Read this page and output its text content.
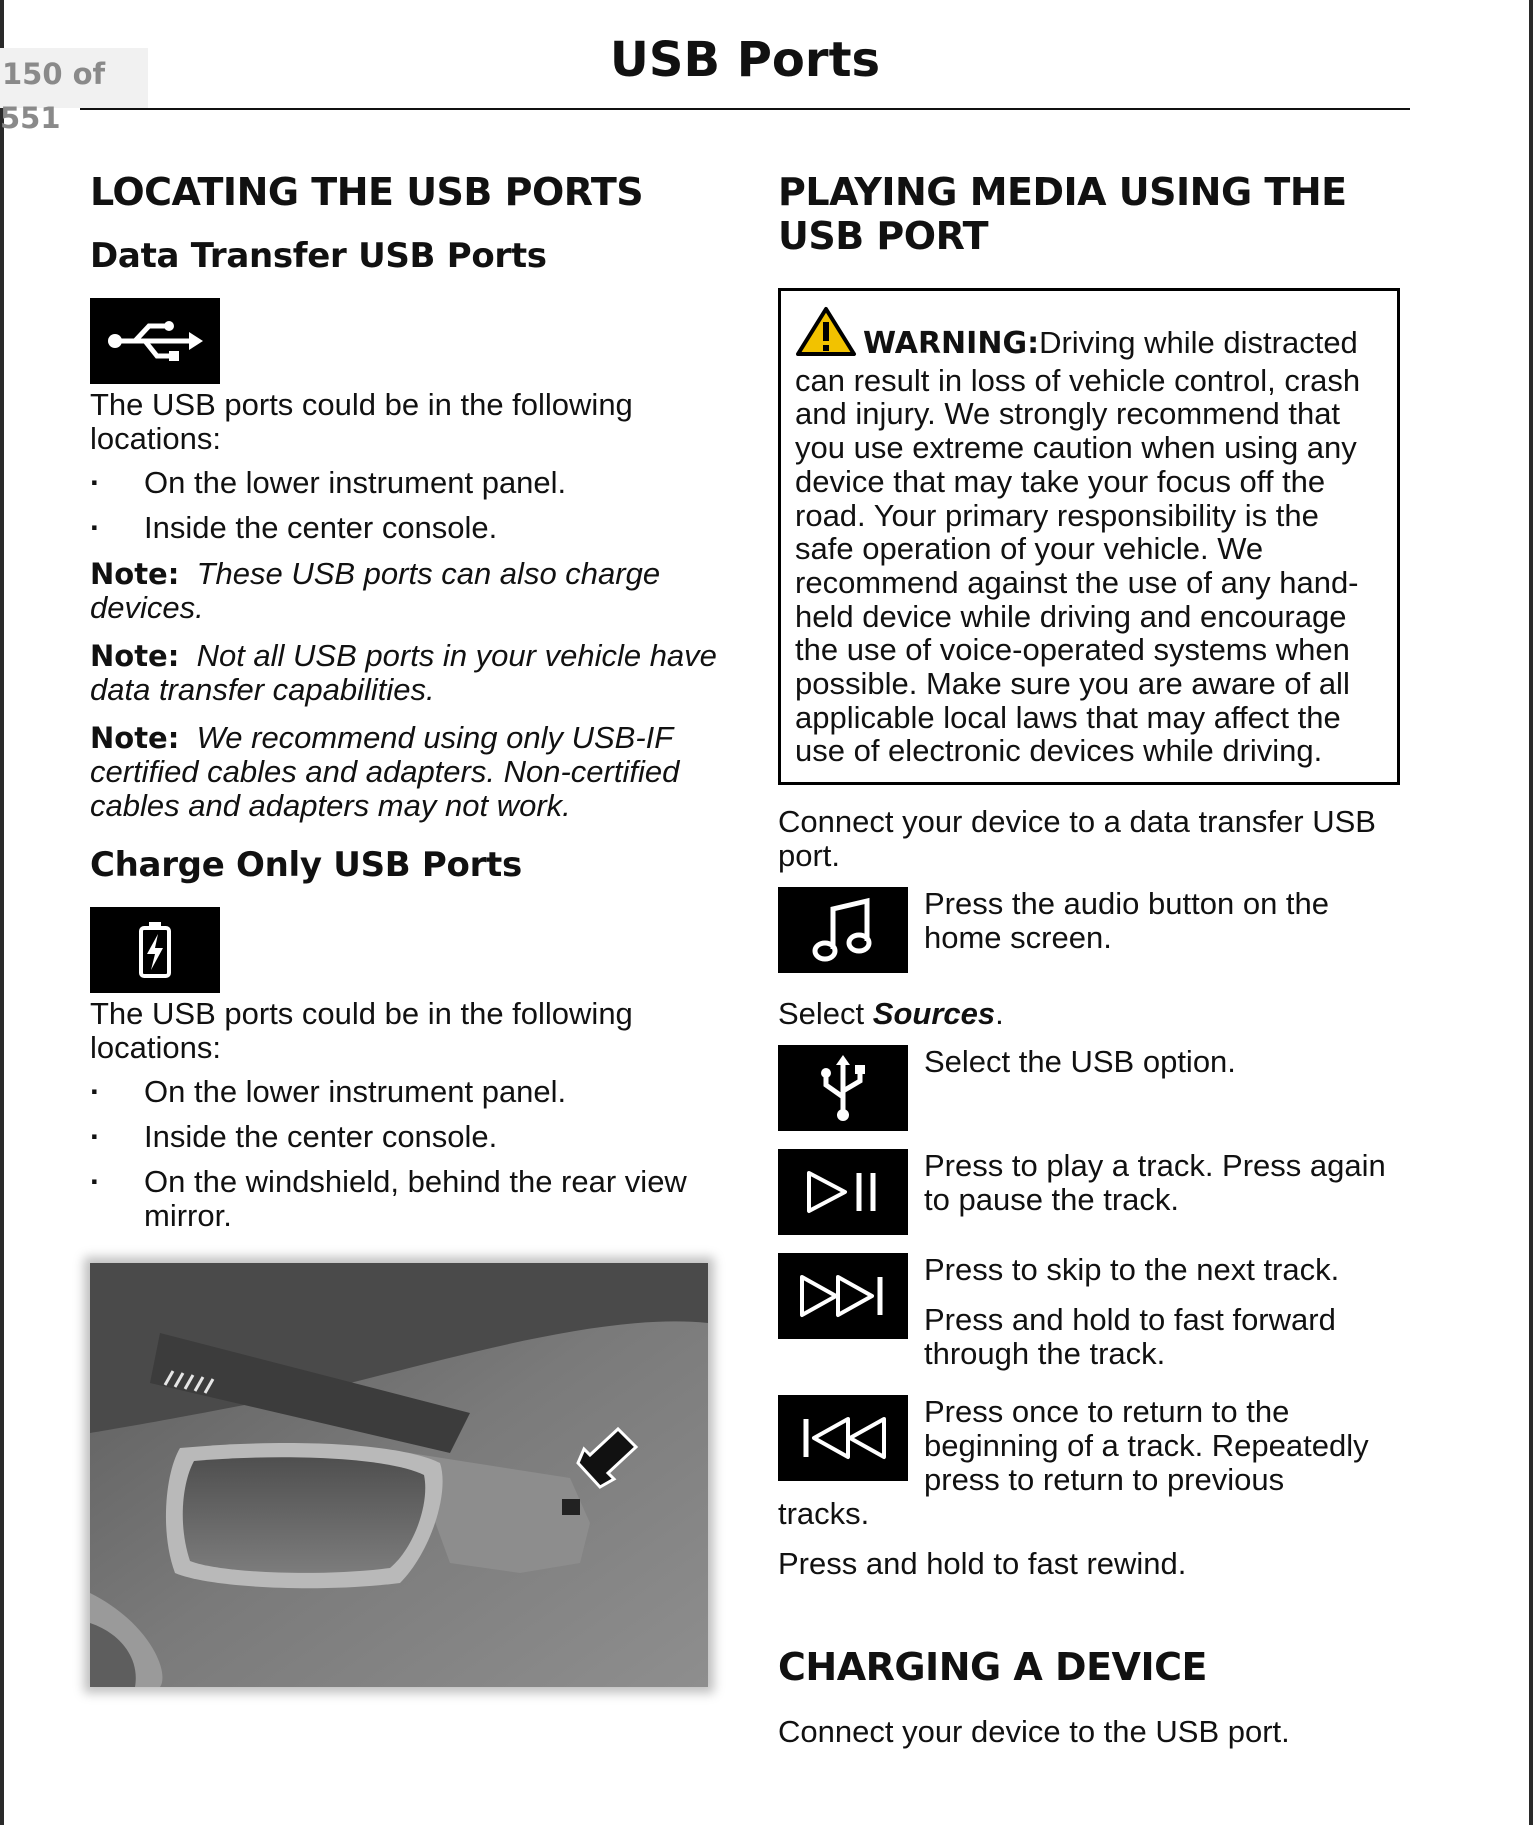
150 of 551
USB Ports
LOCATING THE USB PORTS
Data Transfer USB Ports

The USB ports could be in the following locations:

· On the lower instrument panel.
· Inside the center console.

Note: These USB ports can also charge devices.

Note: Not all USB ports in your vehicle have data transfer capabilities.

Note: We recommend using only USB-IF certified cables and adapters. Non-certified cables and adapters may not work.

Charge Only USB Ports

The USB ports could be in the following locations:

· On the lower instrument panel.
· Inside the center console.
· On the windshield, behind the rear view mirror.
PLAYING MEDIA USING THE USB PORT

WARNING:Driving while distracted can result in loss of vehicle control, crash and injury. We strongly recommend that you use extreme caution when using any device that may take your focus off the road. Your primary responsibility is the safe operation of your vehicle. We recommend against the use of any hand-held device while driving and encourage the use of voice-operated systems when possible. Make sure you are aware of all applicable local laws that may affect the use of electronic devices while driving.

Connect your device to a data transfer USB port.

Press the audio button on the home screen.

Select Sources.

Select the USB option.

Press to play a track. Press again to pause the track.

Press to skip to the next track.

Press and hold to fast forward through the track.

Press once to return to the beginning of a track. Repeatedly press to return to previous

tracks.

Press and hold to fast rewind.

CHARGING A DEVICE

Connect your device to the USB port.
